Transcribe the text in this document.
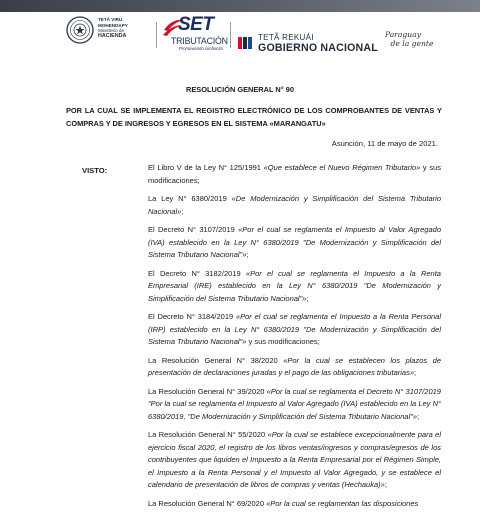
TETÃ VIRU
MOHENDAPY
Ministerio de
HACIENDA
SET
TRIBUTACIÓN
Promoviendo confianza
TETÃ REKUÁI
GOBIERNO NACIONAL
Paraguay
de la gente
RESOLUCIÓN GENERAL N° 90
POR LA CUAL SE IMPLEMENTA EL REGISTRO ELECTRÓNICO DE LOS COMPROBANTES DE VENTAS Y COMPRAS Y DE INGRESOS Y EGRESOS EN EL SISTEMA «MARANGATU»
Asunción, 11 de mayo de 2021.
VISTO:	El Libro V de la Ley N° 125/1991 «Que establece el Nuevo Régimen Tributario» y sus modificaciones;

La Ley N° 6380/2019 «De Modernización y Simplificación del Sistema Tributario Nacional»;

El Decreto N° 3107/2019 «Por el cual se reglamenta el Impuesto al Valor Agregado (IVA) establecido en la Ley N° 6380/2019 "De Modernización y Simplificación del Sistema Tributario Nacional"»;

El Decreto N° 3182/2019 «Por el cual se reglamenta el Impuesto a la Renta Empresarial (IRE) establecido en la Ley N° 6380/2019 "De Modernización y Simplificación del Sistema Tributario Nacional"»;

El Decreto N° 3184/2019 «Por el cual se reglamenta el Impuesto a la Renta Personal (IRP) establecido en la Ley N° 6380/2019 "De Modernización y Simplificación del Sistema Tributario Nacional"» y sus modificaciones;

La Resolución General N° 38/2020 «Por la cual se establecen los plazos de presentación de declaraciones juradas y el pago de las obligaciones tributarias»;

La Resolución General N° 39/2020 «Por la cual se reglamenta el Decreto N° 3107/2019 "Por la cual se reglamenta el Impuesto al Valor Agregado (IVA) establecido en la Ley N° 6380/2019, "De Modernización y Simplificación del Sistema Tributario Nacional"»;

La Resolución General N° 55/2020 «Por la cual se establece excepcionalmente para el ejercicio fiscal 2020, el registro de los libros ventas/ingresos y compras/egresos de los contribuyentes que liquiden el Impuesto a la Renta Empresarial por el Régimen Simple, el Impuesto a la Renta Personal y el Impuesto al Valor Agregado, y se establece el calendario de presentación de libros de compras y ventas (Hechauka)»;

La Resolución General N° 69/2020 «Por la cual se reglamentan las disposiciones
